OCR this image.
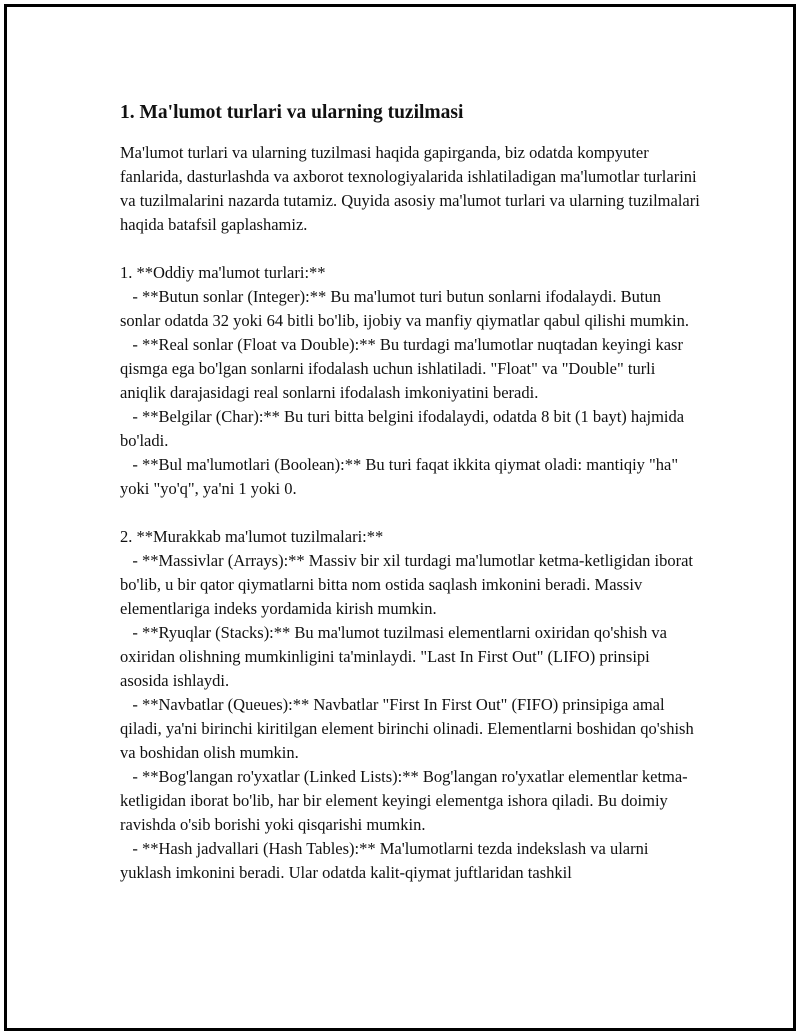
1. Ma'lumot turlari va ularning tuzilmasi

Ma'lumot turlari va ularning tuzilmasi haqida gapirganda, biz odatda kompyuter fanlarida, dasturlashda va axborot texnologiyalarida ishlatiladigan ma'lumotlar turlarini va tuzilmalarini nazarda tutamiz. Quyida asosiy ma'lumot turlari va ularning tuzilmalari haqida batafsil gaplashamiz.

1. **Oddiy ma'lumot turlari:**

- **Butun sonlar (Integer):** Bu ma'lumot turi butun sonlarni ifodalaydi. Butun sonlar odatda 32 yoki 64 bitli bo'lib, ijobiy va manfiy qiymatlar qabul qilishi mumkin.

- **Real sonlar (Float va Double):** Bu turdagi ma'lumotlar nuqtadan keyingi kasr qismga ega bo'lgan sonlarni ifodalash uchun ishlatiladi. "Float" va "Double" turli aniqlik darajasidagi real sonlarni ifodalash imkoniyatini beradi.

- **Belgilar (Char):** Bu turi bitta belgini ifodalaydi, odatda 8 bit (1 bayt) hajmida bo'ladi.

- **Bul ma'lumotlari (Boolean):** Bu turi faqat ikkita qiymat oladi: mantiqiy "ha" yoki "yo'q", ya'ni 1 yoki 0.

2. **Murakkab ma'lumot tuzilmalari:**

- **Massivlar (Arrays):** Massiv bir xil turdagi ma'lumotlar ketma-ketligidan iborat bo'lib, u bir qator qiymatlarni bitta nom ostida saqlash imkonini beradi. Massiv elementlariga indeks yordamida kirish mumkin.

- **Ryuqlar (Stacks):** Bu ma'lumot tuzilmasi elementlarni oxiridan qo'shish va oxiridan olishning mumkinligini ta'minlaydi. "Last In First Out" (LIFO) prinsipi asosida ishlaydi.

- **Navbatlar (Queues):** Navbatlar "First In First Out" (FIFO) prinsipiga amal qiladi, ya'ni birinchi kiritilgan element birinchi olinadi. Elementlarni boshidan qo'shish va boshidan olish mumkin.

- **Bog'langan ro'yxatlar (Linked Lists):** Bog'langan ro'yxatlar elementlar ketma-ketligidan iborat bo'lib, har bir element keyingi elementga ishora qiladi. Bu doimiy ravishda o'sib borishi yoki qisqarishi mumkin.

- **Hash jadvallari (Hash Tables):** Ma'lumotlarni tezda indekslash va ularni yuklash imkonini beradi. Ular odatda kalit-qiymat juftlaridan tashkil
